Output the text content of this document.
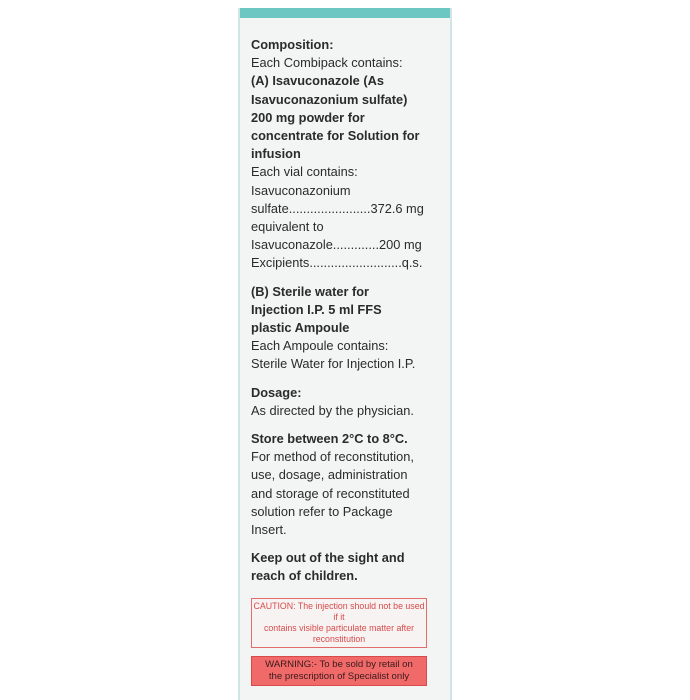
Composition:
Each Combipack contains:
(A) Isavuconazole (As
Isavuconazonium sulfate)
200 mg powder for
concentrate for Solution for
infusion
Each vial contains:
Isavuconazonium
sulfate.......................372.6 mg
equivalent to
Isavuconazole.............200 mg
Excipients..........................q.s.
(B) Sterile water for
Injection I.P. 5 ml FFS
plastic Ampoule
Each Ampoule contains:
Sterile Water for Injection I.P.
Dosage:
As directed by the physician.
Store between 2°C to 8°C.
For method of reconstitution,
use, dosage, administration
and storage of reconstituted
solution refer to Package
Insert.
Keep out of the sight and
reach of children.
CAUTION: The injection should not be used if it
contains visible particulate matter after reconstitution
WARNING:- To be sold by retail on
the prescription of Specialist only
